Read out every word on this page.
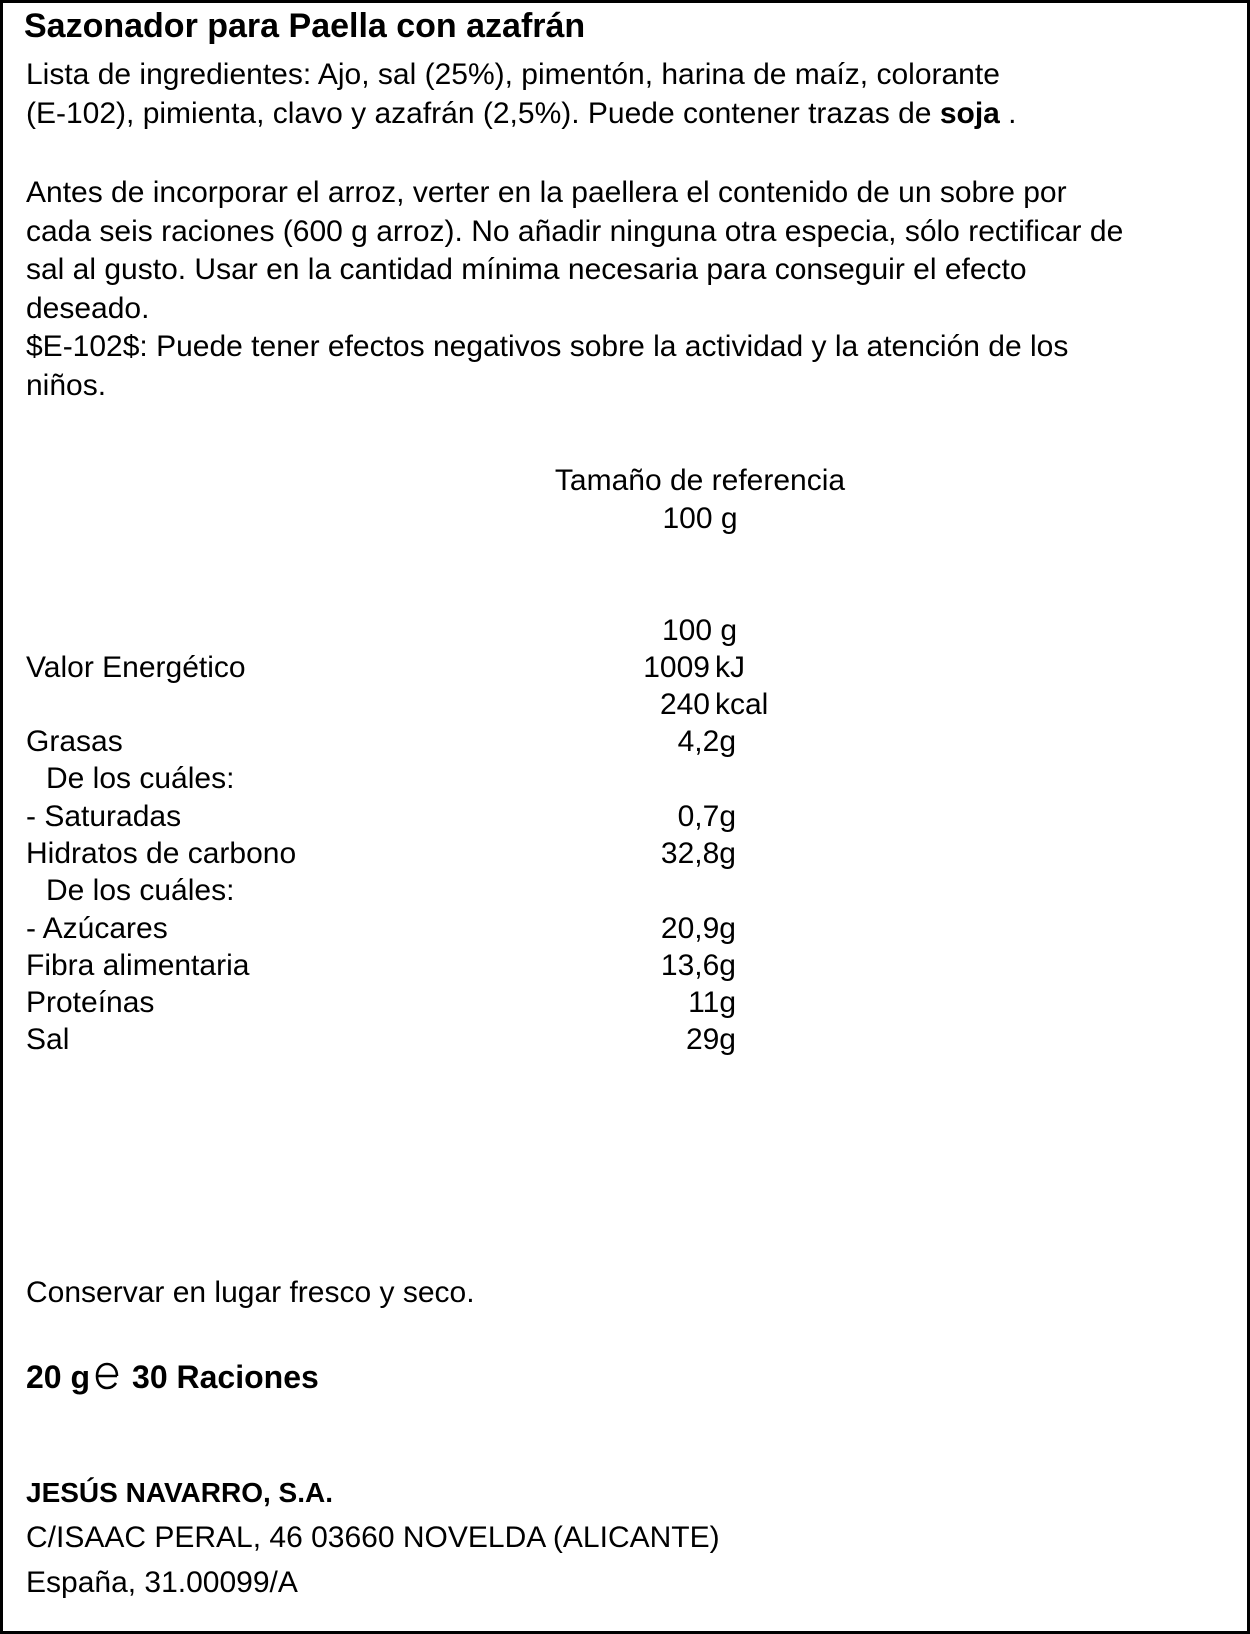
Sazonador para Paella con azafrán
Lista de ingredientes: Ajo, sal (25%), pimentón, harina de maíz, colorante
(E-102), pimienta, clavo y azafrán (2,5%). Puede contener trazas de soja .
Antes de incorporar el arroz, verter en la paellera el contenido de un sobre por
cada seis raciones (600 g arroz). No añadir ninguna otra especia, sólo rectificar de
sal al gusto. Usar en la cantidad mínima necesaria para conseguir el efecto
deseado.
$E-102$: Puede tener efectos negativos sobre la actividad y la atención de los
niños.
Tamaño de referencia
100 g
100 g
Valor Energético	1009 kJ
240 kcal
Grasas	4,2g
De los cuáles:
- Saturadas	0,7g
Hidratos de carbono	32,8g
De los cuáles:
- Azúcares	20,9g
Fibra alimentaria	13,6g
Proteínas	11g
Sal	29g
Conservar en lugar fresco y seco.
20 g 30 Raciones
JESÚS NAVARRO, S.A.
C/ISAAC PERAL, 46 03660 NOVELDA (ALICANTE)
España, 31.00099/A
